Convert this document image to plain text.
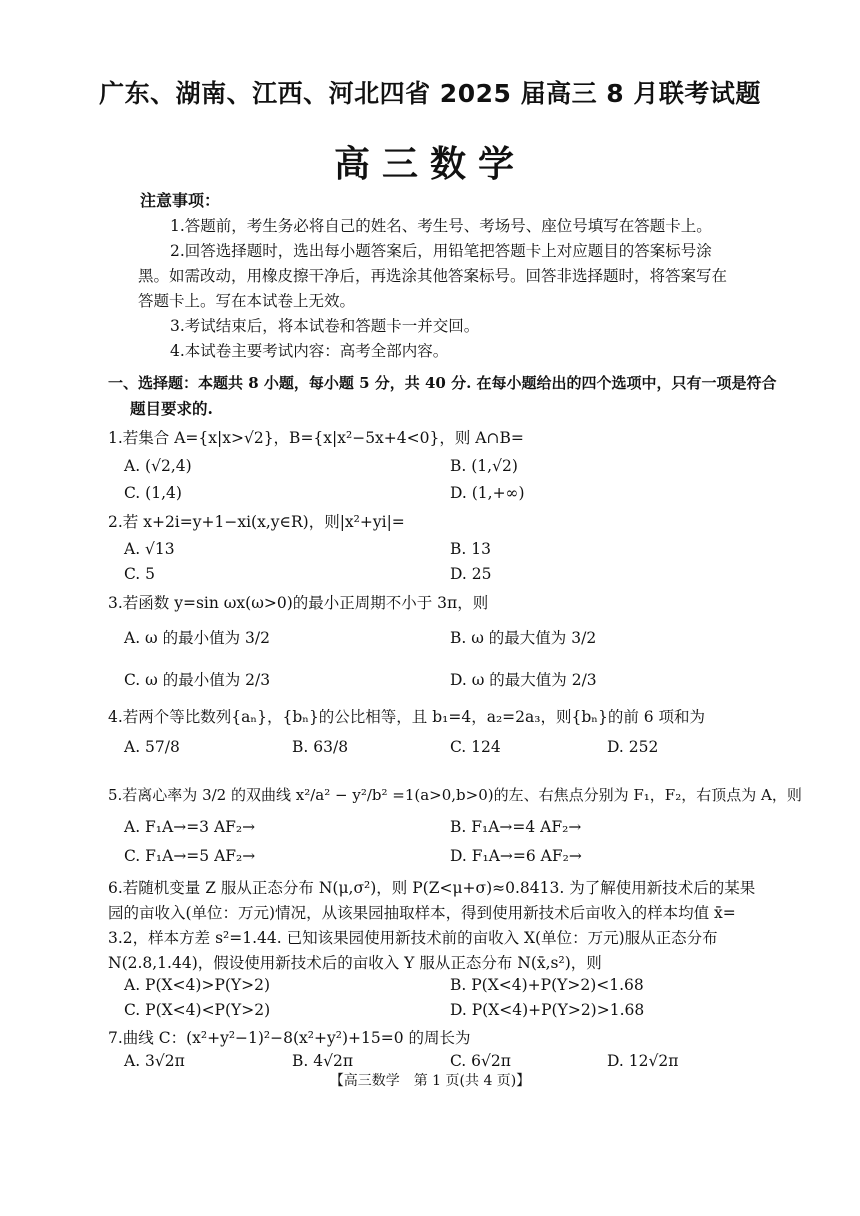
广东、湖南、江西、河北四省 2025 届高三 8 月联考试题
高三数学
注意事项：
1.答题前，考生务必将自己的姓名、考生号、考场号、座位号填写在答题卡上。
2.回答选择题时，选出每小题答案后，用铅笔把答题卡上对应题目的答案标号涂
黑。如需改动，用橡皮擦干净后，再选涂其他答案标号。回答非选择题时，将答案写在
答题卡上。写在本试卷上无效。
3.考试结束后，将本试卷和答题卡一并交回。
4.本试卷主要考试内容：高考全部内容。
一、选择题：本题共 8 小题，每小题 5 分，共 40 分. 在每小题给出的四个选项中，只有一项是符合
题目要求的.
1.若集合 A={x|x>√2}，B={x|x²−5x+4<0}，则 A∩B=
A. (√2,4)	B. (1,√2)
C. (1,4)	D. (1,+∞)
2.若 x+2i=y+1−xi(x,y∈R)，则|x²+yi|=
A. √13	B. 13
C. 5	D. 25
3.若函数 y=sin ωx(ω>0)的最小正周期不小于 3π，则
A. ω 的最小值为 3/2	B. ω 的最大值为 3/2
C. ω 的最小值为 2/3	D. ω 的最大值为 2/3
4.若两个等比数列{aₙ}，{bₙ}的公比相等，且 b₁=4，a₂=2a₃，则{bₙ}的前 6 项和为
A. 57/8	B. 63/8	C. 124	D. 252
5.若离心率为 3/2 的双曲线 x²/a² − y²/b² =1(a>0,b>0)的左、右焦点分别为 F₁，F₂，右顶点为 A，则
A. F₁A→=3 AF₂→	B. F₁A→=4 AF₂→
C. F₁A→=5 AF₂→	D. F₁A→=6 AF₂→
6.若随机变量 Z 服从正态分布 N(μ,σ²)，则 P(Z<μ+σ)≈0.8413. 为了解使用新技术后的某果
园的亩收入(单位：万元)情况，从该果园抽取样本，得到使用新技术后亩收入的样本均值 x̄=
3.2，样本方差 s²=1.44. 已知该果园使用新技术前的亩收入 X(单位：万元)服从正态分布
N(2.8,1.44)，假设使用新技术后的亩收入 Y 服从正态分布 N(x̄,s²)，则
A. P(X<4)>P(Y>2)	B. P(X<4)+P(Y>2)<1.68
C. P(X<4)<P(Y>2)	D. P(X<4)+P(Y>2)>1.68
7.曲线 C：(x²+y²−1)²−8(x²+y²)+15=0 的周长为
A. 3√2π	B. 4√2π	C. 6√2π	D. 12√2π
【高三数学　第 1 页(共 4 页)】
